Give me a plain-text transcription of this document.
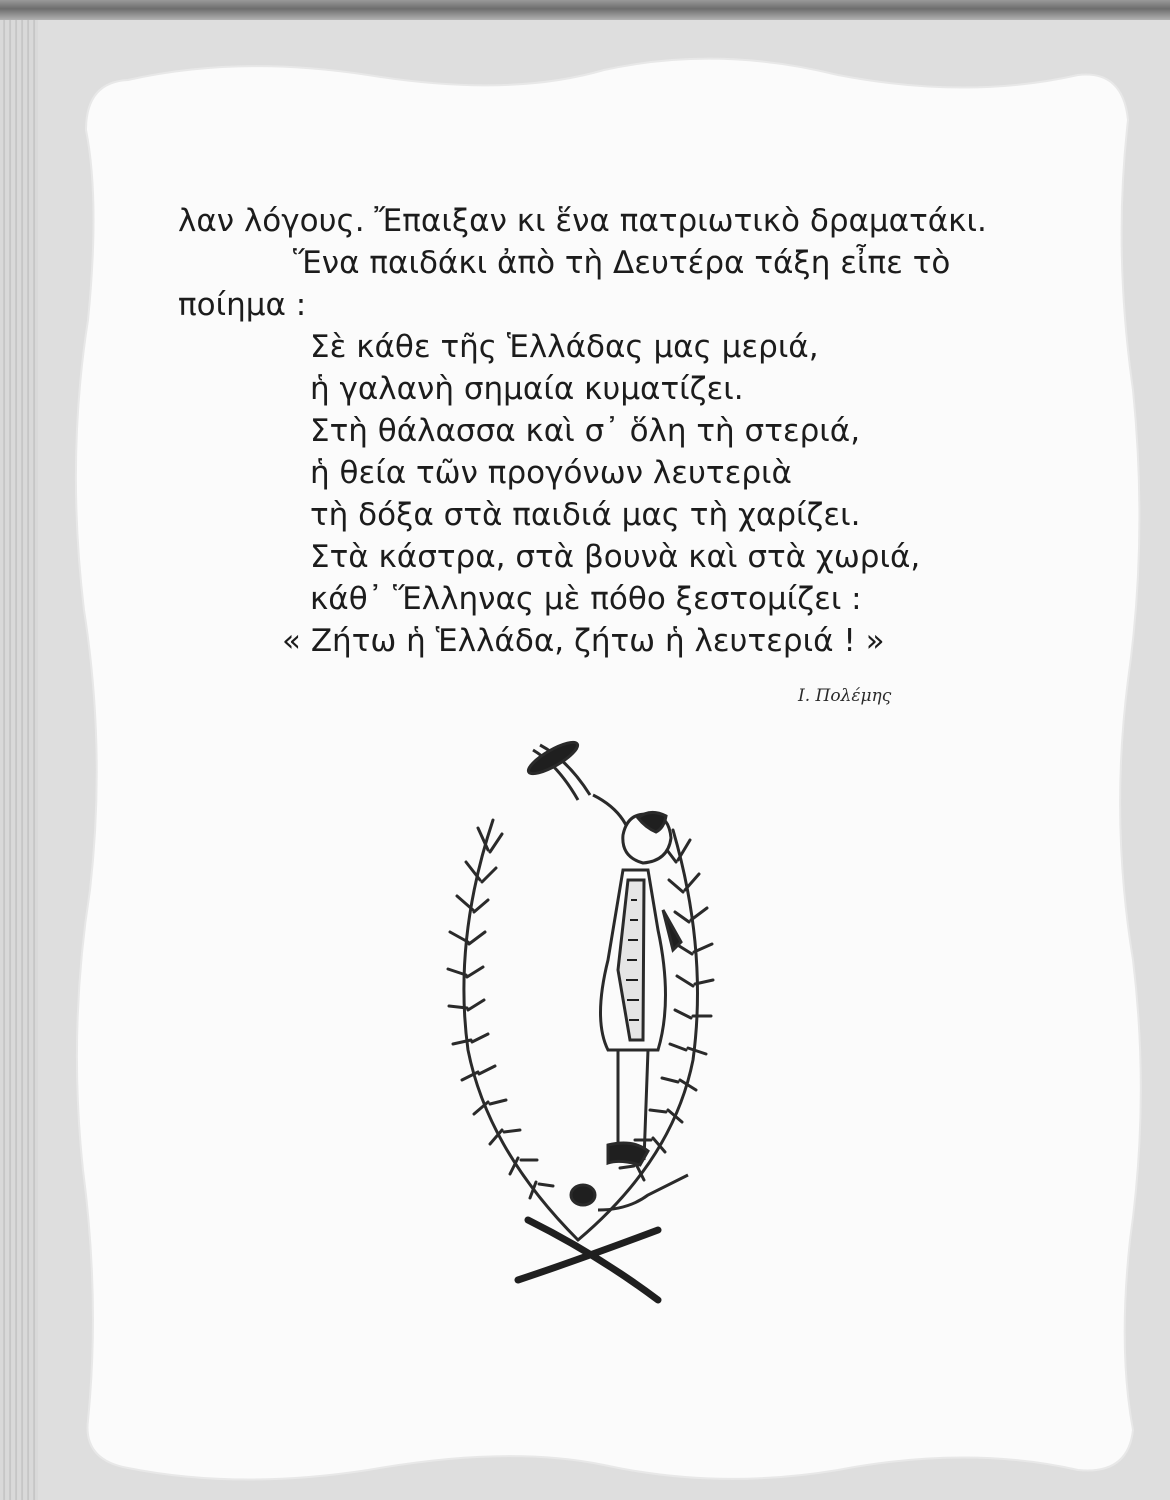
λαν λόγους. Ἔπαιξαν κι ἕνα πατριωτικὸ δραματάκι.

Ἕνα παιδάκι ἀπὸ τὴ Δευτέρα τάξη εἶπε τὸ ποίημα :

Σὲ κάθε τῆς Ἑλλάδας μας μεριά,
ἡ γαλανὴ σημαία κυματίζει.
Στὴ θάλασσα καὶ σ᾽ ὅλη τὴ στεριά,
ἡ θεία τῶν προγόνων λευτεριὰ
τὴ δόξα στὰ παιδιά μας τὴ χαρίζει.
Στὰ κάστρα, στὰ βουνὰ καὶ στὰ χωριά,
κάθ᾽ Ἕλληνας μὲ πόθο ξεστομίζει :
« Ζήτω ἡ Ἑλλάδα, ζήτω ἡ λευτεριά ! »
Ι. Πολέμης
